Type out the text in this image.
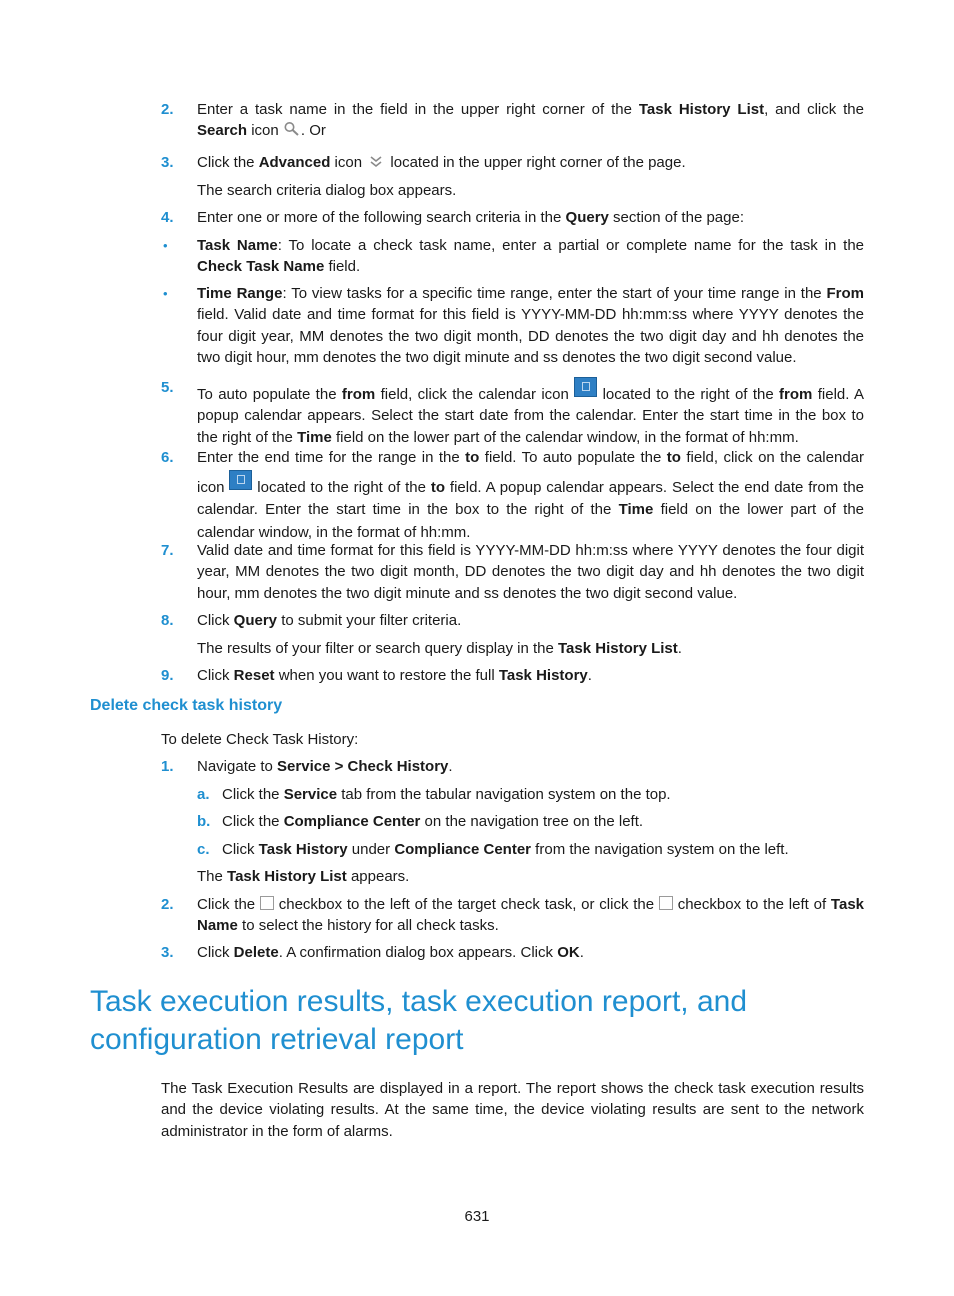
2. Enter a task name in the field in the upper right corner of the Task History List, and click the Search icon . Or
3. Click the Advanced icon  located in the upper right corner of the page.
The search criteria dialog box appears.
4. Enter one or more of the following search criteria in the Query section of the page:
• Task Name: To locate a check task name, enter a partial or complete name for the task in the Check Task Name field.
• Time Range: To view tasks for a specific time range, enter the start of your time range in the From field. Valid date and time format for this field is YYYY-MM-DD hh:mm:ss where YYYY denotes the four digit year, MM denotes the two digit month, DD denotes the two digit day and hh denotes the two digit hour, mm denotes the two digit minute and ss denotes the two digit second value.
5. To auto populate the from field, click the calendar icon  located to the right of the from field. A popup calendar appears. Select the start date from the calendar. Enter the start time in the box to the right of the Time field on the lower part of the calendar window, in the format of hh:mm.
6. Enter the end time for the range in the to field. To auto populate the to field, click on the calendar icon  located to the right of the to field. A popup calendar appears. Select the end date from the calendar. Enter the start time in the box to the right of the Time field on the lower part of the calendar window, in the format of hh:mm.
7. Valid date and time format for this field is YYYY-MM-DD hh:m:ss where YYYY denotes the four digit year, MM denotes the two digit month, DD denotes the two digit day and hh denotes the two digit hour, mm denotes the two digit minute and ss denotes the two digit second value.
8. Click Query to submit your filter criteria.
The results of your filter or search query display in the Task History List.
9. Click Reset when you want to restore the full Task History.
Delete check task history
To delete Check Task History:
1. Navigate to Service > Check History.
a. Click the Service tab from the tabular navigation system on the top.
b. Click the Compliance Center on the navigation tree on the left.
c. Click Task History under Compliance Center from the navigation system on the left.
The Task History List appears.
2. Click the  checkbox to the left of the target check task, or click the  checkbox to the left of Task Name to select the history for all check tasks.
3. Click Delete. A confirmation dialog box appears. Click OK.
Task execution results, task execution report, and configuration retrieval report
The Task Execution Results are displayed in a report. The report shows the check task execution results and the device violating results. At the same time, the device violating results are sent to the network administrator in the form of alarms.
631
